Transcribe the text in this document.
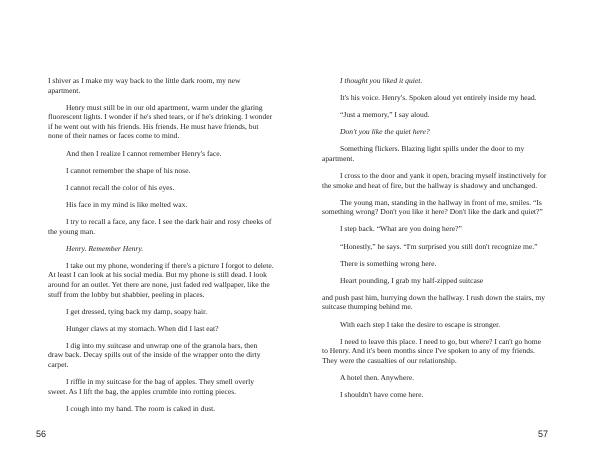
I shiver as I make my way back to the little dark room, my new apartment.

Henry must still be in our old apartment, warm under the glaring fluorescent lights. I wonder if he's shed tears, or if he's drinking. I wonder if he went out with his friends. His friends. He must have friends, but none of their names or faces come to mind.

And then I realize I cannot remember Henry's face.

I cannot remember the shape of his nose.

I cannot recall the color of his eyes.

His face in my mind is like melted wax.

I try to recall a face, any face. I see the dark hair and rosy cheeks of the young man.

Henry. Remember Henry.

I take out my phone, wondering if there's a picture I forgot to delete. At least I can look at his social media. But my phone is still dead. I look around for an outlet. Yet there are none, just faded red wallpaper, like the stuff from the lobby but shabbier, peeling in places.

I get dressed, tying back my damp, soapy hair.

Hunger claws at my stomach. When did I last eat?

I dig into my suitcase and unwrap one of the granola bars, then draw back. Decay spills out of the inside of the wrapper onto the dirty carpet.

I riffle in my suitcase for the bag of apples. They smell overly sweet. As I lift the bag, the apples crumble into rotting pieces.

I cough into my hand. The room is caked in dust.

I thought you liked it quiet.

It's his voice. Henry's. Spoken aloud yet entirely inside my head.

“Just a memory,” I say aloud.

Don't you like the quiet here?

Something flickers. Blazing light spills under the door to my apartment.

I cross to the door and yank it open, bracing myself instinctively for the smoke and heat of fire, but the hallway is shadowy and unchanged.

The young man, standing in the hallway in front of me, smiles. “Is something wrong? Don't you like it here? Don't like the dark and quiet?”

I step back. “What are you doing here?”

“Honestly,” he says. “I'm surprised you still don't recognize me.”

There is something wrong here.

Heart pounding, I grab my half-zipped suitcase

and push past him, hurrying down the hallway. I rush down the stairs, my suitcase thumping behind me.

With each step I take the desire to escape is stronger.

I need to leave this place. I need to go, but where? I can't go home to Henry. And it's been months since I've spoken to any of my friends. They were the casualties of our relationship.

A hotel then. Anywhere.

I shouldn't have come here.

56	57
